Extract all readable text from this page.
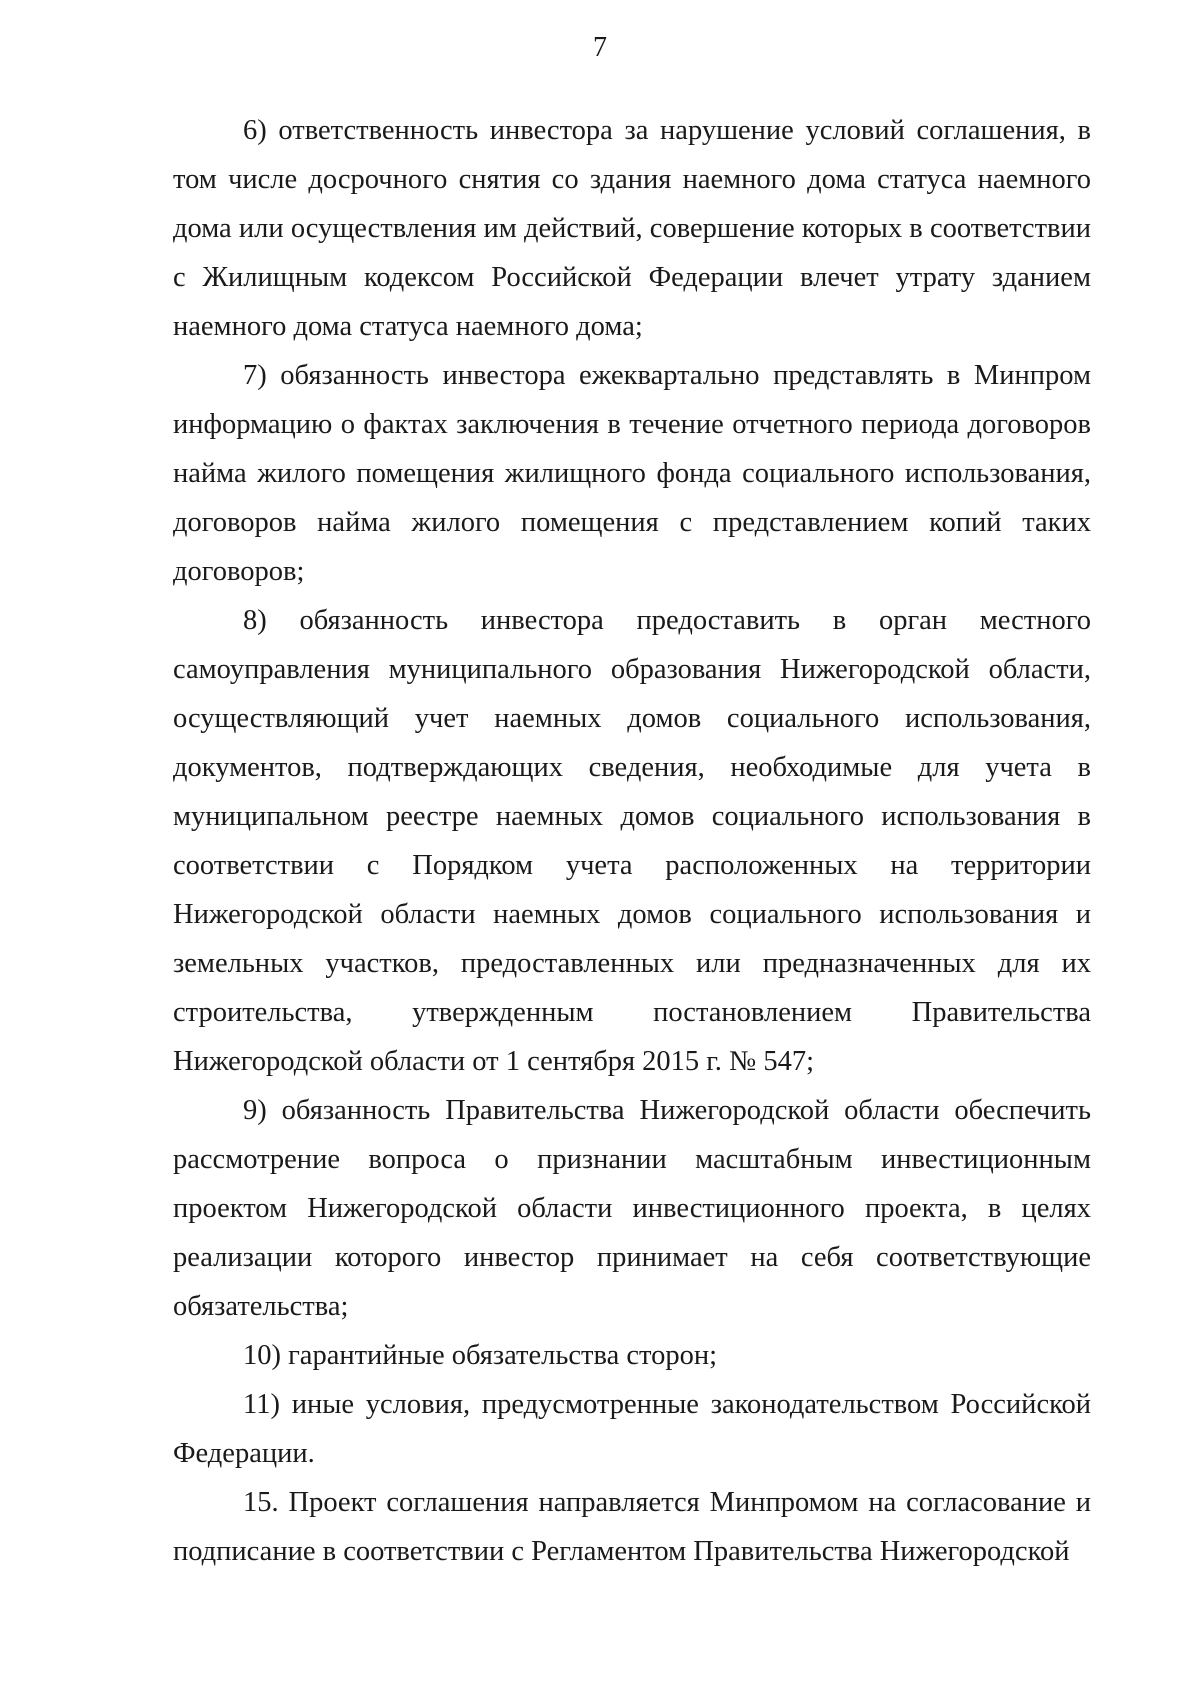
7

6) ответственность инвестора за нарушение условий соглашения, в том числе досрочного снятия со здания наемного дома статуса наемного дома или осуществления им действий, совершение которых в соответствии с Жилищным кодексом Российской Федерации влечет утрату зданием наемного дома статуса наемного дома;

7) обязанность инвестора ежеквартально представлять в Минпром информацию о фактах заключения в течение отчетного периода договоров найма жилого помещения жилищного фонда социального использования, договоров найма жилого помещения с представлением копий таких договоров;

8) обязанность инвестора предоставить в орган местного самоуправления муниципального образования Нижегородской области, осуществляющий учет наемных домов социального использования, документов, подтверждающих сведения, необходимые для учета в муниципальном реестре наемных домов социального использования в соответствии с Порядком учета расположенных на территории Нижегородской области наемных домов социального использования и земельных участков, предоставленных или предназначенных для их строительства, утвержденным постановлением Правительства Нижегородской области от 1 сентября 2015 г. № 547;

9) обязанность Правительства Нижегородской области обеспечить рассмотрение вопроса о признании масштабным инвестиционным проектом Нижегородской области инвестиционного проекта, в целях реализации которого инвестор принимает на себя соответствующие обязательства;

10) гарантийные обязательства сторон;

11) иные условия, предусмотренные законодательством Российской Федерации.

15. Проект соглашения направляется Минпромом на согласование и подписание в соответствии с Регламентом Правительства Нижегородской
